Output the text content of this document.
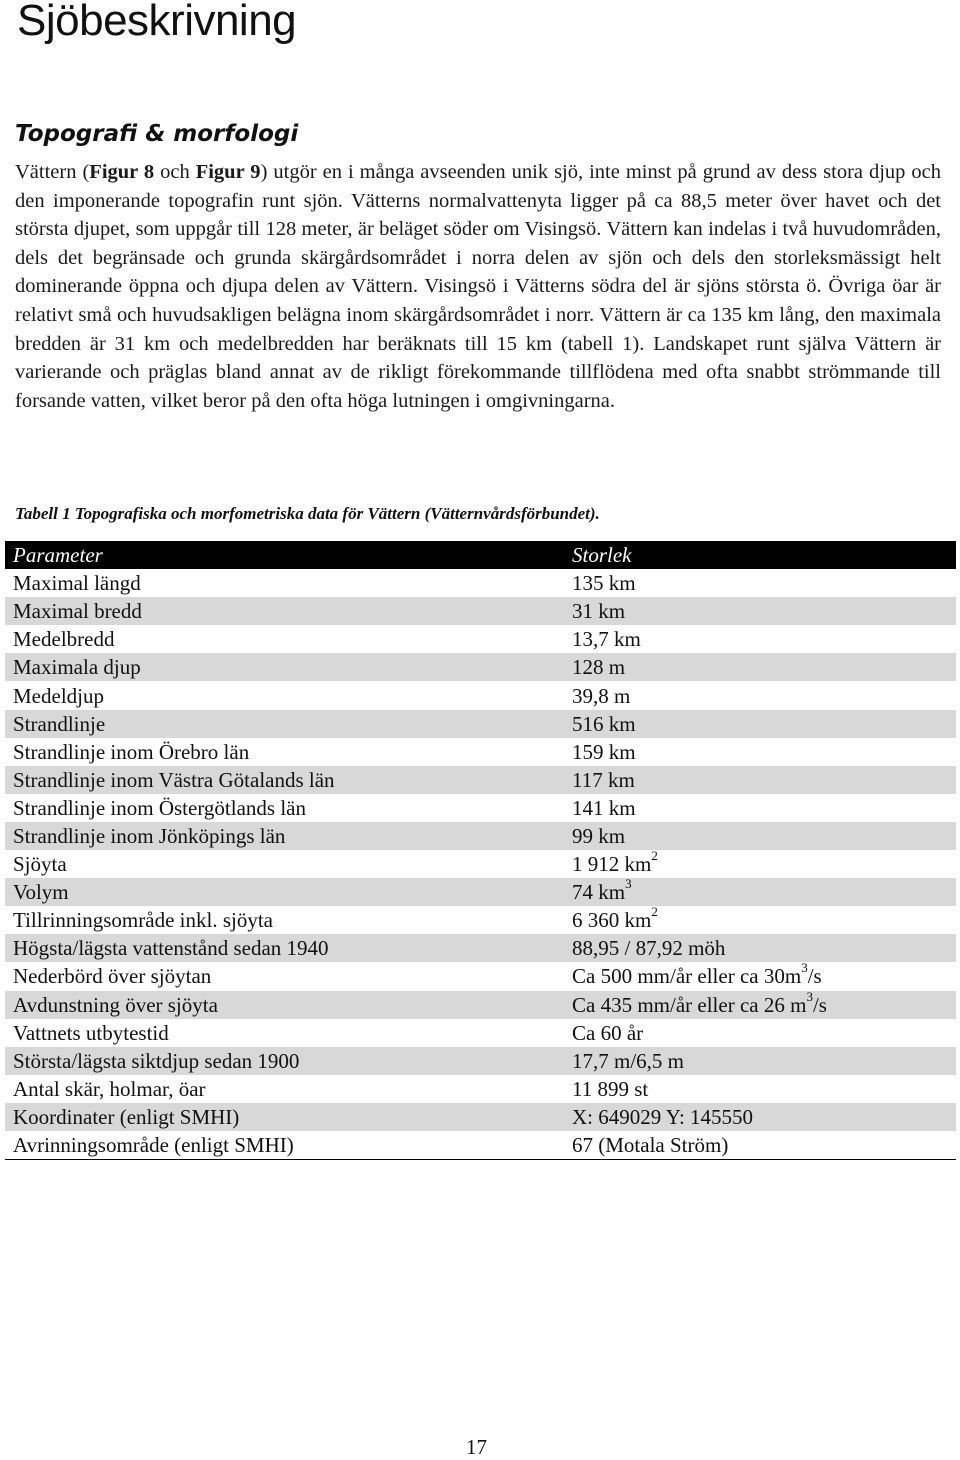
Sjöbeskrivning
Topografi & morfologi

Vättern (Figur 8 och Figur 9) utgör en i många avseenden unik sjö, inte minst på grund av dess stora djup och den imponerande topografin runt sjön. Vätterns normalvattenyta ligger på ca 88,5 meter över havet och det största djupet, som uppgår till 128 meter, är beläget söder om Visingsö. Vättern kan indelas i två huvudområden, dels det begränsade och grunda skärgårdsområdet i norra delen av sjön och dels den storleksmässigt helt dominerande öppna och djupa delen av Vättern. Visingsö i Vätterns södra del är sjöns största ö. Övriga öar är relativt små och huvudsakligen belägna inom skärgårdsområdet i norr. Vättern är ca 135 km lång, den maximala bredden är 31 km och medelbredden har beräknats till 15 km (tabell 1). Landskapet runt själva Vättern är varierande och präglas bland annat av de rikligt förekommande tillflödena med ofta snabbt strömmande till forsande vatten, vilket beror på den ofta höga lutningen i omgivningarna.

Tabell 1 Topografiska och morfometriska data för Vättern (Vätternvårdsförbundet).

Parameter	Storlek
Maximal längd	135 km
Maximal bredd	31 km
Medelbredd	13,7 km
Maximala djup	128 m
Medeldjup	39,8 m
Strandlinje	516 km
Strandlinje inom Örebro län	159 km
Strandlinje inom Västra Götalands län	117 km
Strandlinje inom Östergötlands län	141 km
Strandlinje inom Jönköpings län	99 km
Sjöyta	1 912 $km^2$
Volym	74 $km^3$
Tillrinningsområde inkl. sjöyta	6 360 $km^2$
Högsta/lägsta vattenstånd sedan 1940	88,95 / 87,92 möh
Nederbörd över sjöytan	Ca 500 mm/år eller ca $30m^3/s$
Avdunstning över sjöyta	Ca 435 mm/år eller ca 26 $m^3/s$
Vattnets utbytestid	Ca 60 år
Största/lägsta siktdjup sedan 1900	17,7 m/6,5 m
Antal skär, holmar, öar	11 899 st
Koordinater (enligt SMHI)	X: 649029 Y: 145550
Avrinningsområde (enligt SMHI)	67 (Motala Ström)
17
